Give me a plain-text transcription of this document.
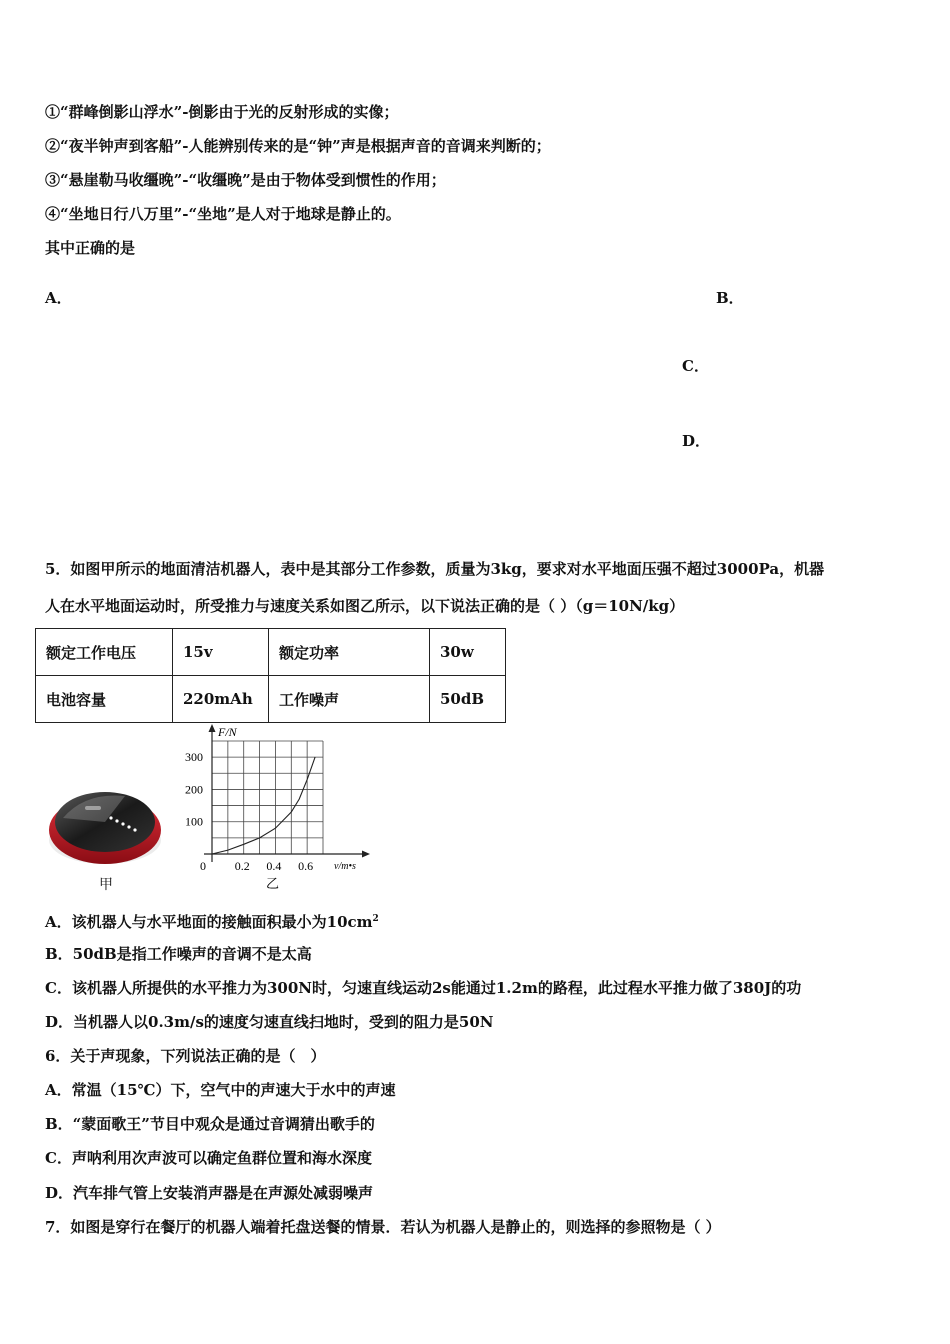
①“群峰倒影山浮水”-倒影由于光的反射形成的实像；
②“夜半钟声到客船”-人能辨别传来的是“钟”声是根据声音的音调来判断的；
③“悬崖勒马收缰晚”-“收缰晚”是由于物体受到惯性的作用；
④“坐地日行八万里”-“坐地”是人对于地球是静止的。
其中正确的是
A．	B．
C．
D．
5．如图甲所示的地面清洁机器人，表中是其部分工作参数，质量为3kg，要求对水平地面压强不超过3000Pa，机器
人在水平地面运动时，所受推力与速度关系如图乙所示，以下说法正确的是（ ）（g＝10N/kg）
额定工作电压	15v	额定功率	30w
电池容量	220mAh	工作噪声	50dB
甲
0 0.2 0.4 0.6
100
200
300
F/N
v/m•s
乙
A．该机器人与水平地面的接触面积最小为$10cm^2$
B．50dB是指工作噪声的音调不是太高
C．该机器人所提供的水平推力为300N时，匀速直线运动2s能通过1.2m的路程，此过程水平推力做了380J的功
D．当机器人以0.3m/s的速度匀速直线扫地时，受到的阻力是50N
6．关于声现象，下列说法正确的是（　）
A．常温（15℃）下，空气中的声速大于水中的声速
B．“蒙面歌王”节目中观众是通过音调猜出歌手的
C．声呐利用次声波可以确定鱼群位置和海水深度
D．汽车排气管上安装消声器是在声源处减弱噪声
7．如图是穿行在餐厅的机器人端着托盘送餐的情景．若认为机器人是静止的，则选择的参照物是（ ）
